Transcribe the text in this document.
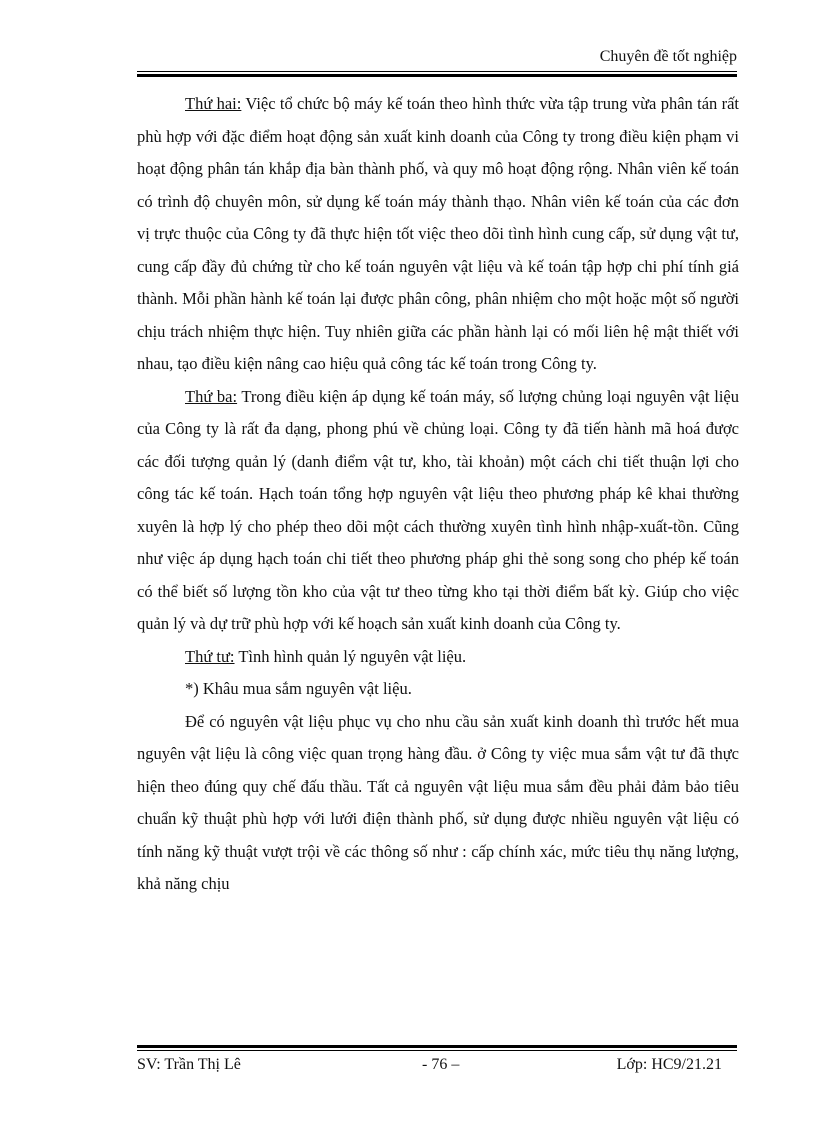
Chuyên đề tốt nghiệp

Thứ hai: Việc tổ chức bộ máy kế toán theo hình thức vừa tập trung vừa phân tán rất phù hợp với đặc điểm hoạt động sản xuất kinh doanh của Công ty trong điều kiện phạm vi hoạt động phân tán khắp địa bàn thành phố, và quy mô hoạt động rộng. Nhân viên kế toán có trình độ chuyên môn, sử dụng kế toán máy thành thạo. Nhân viên kế toán của các đơn vị trực thuộc của Công ty đã thực hiện tốt việc theo dõi tình hình cung cấp, sử dụng vật tư, cung cấp đầy đủ chứng từ cho kế toán nguyên vật liệu và kế toán tập hợp chi phí tính giá thành. Mỗi phần hành kế toán lại được phân công, phân nhiệm cho một hoặc một số người chịu trách nhiệm thực hiện. Tuy nhiên giữa các phần hành lại có mối liên hệ mật thiết với nhau, tạo điều kiện nâng cao hiệu quả công tác kế toán trong Công ty.

Thứ ba: Trong điều kiện áp dụng kế toán máy, số lượng chủng loại nguyên vật liệu của Công ty là rất đa dạng, phong phú về chủng loại. Công ty đã tiến hành mã hoá được các đối tượng quản lý (danh điểm vật tư, kho, tài khoản) một cách chi tiết thuận lợi cho công tác kế toán. Hạch toán tổng hợp nguyên vật liệu theo phương pháp kê khai thường xuyên là hợp lý cho phép theo dõi một cách thường xuyên tình hình nhập-xuất-tồn. Cũng như việc áp dụng hạch toán chi tiết theo phương pháp ghi thẻ song song cho phép kế toán có thể biết số lượng tồn kho của vật tư theo từng kho tại thời điểm bất kỳ. Giúp cho việc quản lý và dự trữ phù hợp với kế hoạch sản xuất kinh doanh của Công ty.

Thứ tư: Tình hình quản lý nguyên vật liệu.

*) Khâu mua sắm nguyên vật liệu.

Để có nguyên vật liệu phục vụ cho nhu cầu sản xuất kinh doanh thì trước hết mua nguyên vật liệu là công việc quan trọng hàng đầu. ở Công ty việc mua sắm vật tư đã thực hiện theo đúng quy chế đấu thầu. Tất cả nguyên vật liệu mua sắm đều phải đảm bảo tiêu chuẩn kỹ thuật phù hợp với lưới điện thành phố, sử dụng được nhiều nguyên vật liệu có tính năng kỹ thuật vượt trội về các thông số như : cấp chính xác, mức tiêu thụ năng lượng, khả năng chịu

SV: Trần Thị Lê	- 76 –	Lớp: HC9/21.21
